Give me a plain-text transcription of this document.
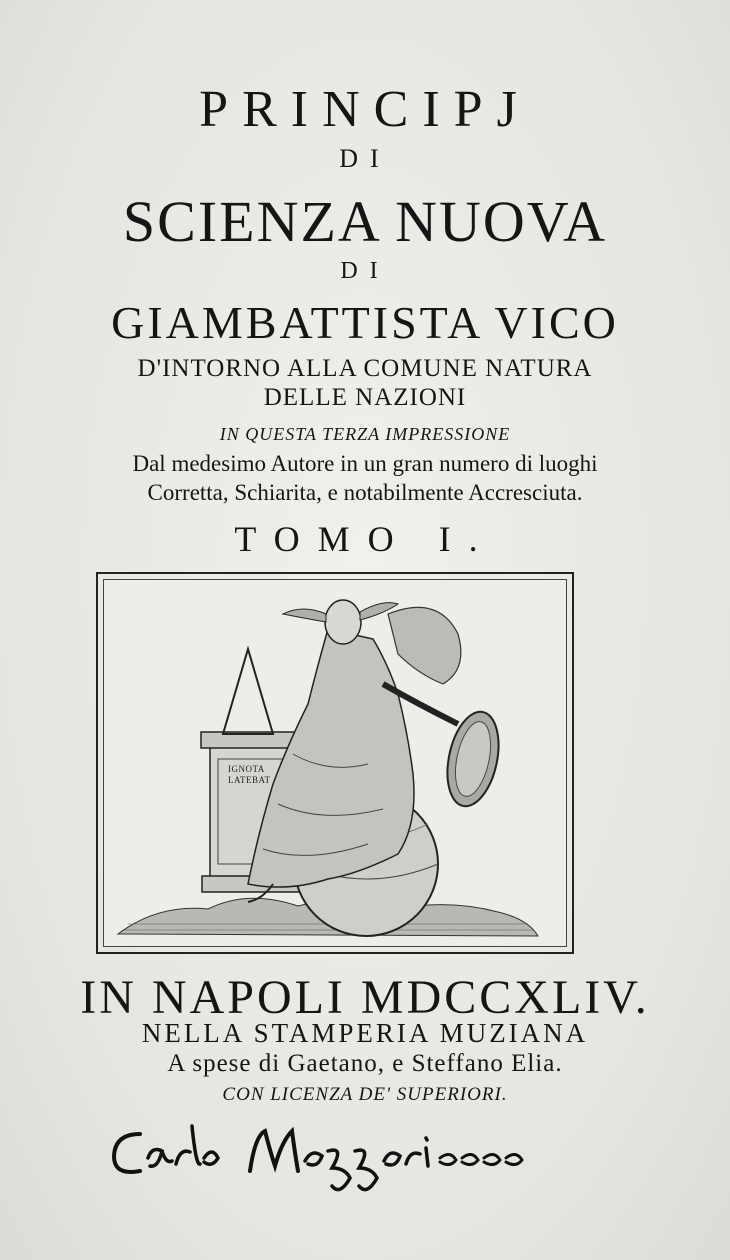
PRINCIPJ
DI
SCIENZA NUOVA
DI
GIAMBATTISTA VICO
D'INTORNO ALLA COMUNE NATURA
DELLE NAZIONI
IN QUESTA TERZA IMPRESSIONE
Dal medesimo Autore in un gran numero di luoghi
Corretta, Schiarita, e notabilmente Accresciuta.
TOMO I.
IGNOTA
LATEBAT
IN NAPOLI MDCCXLIV.
NELLA STAMPERIA MUZIANA
A spese di Gaetano, e Steffano Elia.
CON LICENZA DE' SUPERIORI.
Carlo Mozzoni
